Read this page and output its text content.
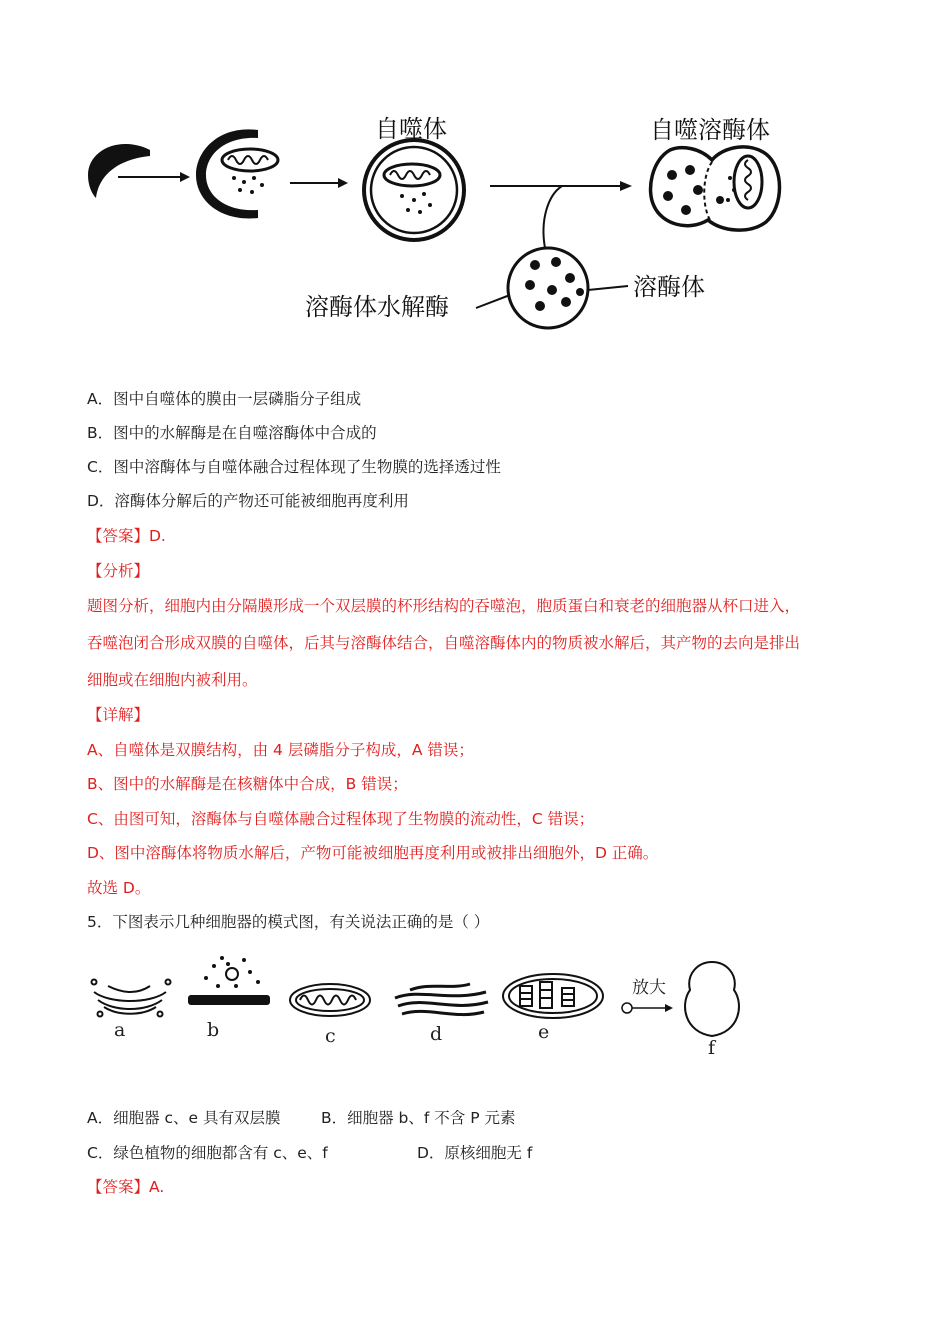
自噬体	自噬溶酶体
溶酶体
溶酶体水解酶
A．图中自噬体的膜由一层磷脂分子组成
B．图中的水解酶是在自噬溶酶体中合成的
C．图中溶酶体与自噬体融合过程体现了生物膜的选择透过性
D．溶酶体分解后的产物还可能被细胞再度利用
【答案】D.
【分析】
题图分析，细胞内由分隔膜形成一个双层膜的杯形结构的吞噬泡，胞质蛋白和衰老的细胞器从杯口进入，
吞噬泡闭合形成双膜的自噬体，后其与溶酶体结合，自噬溶酶体内的物质被水解后，其产物的去向是排出
细胞或在细胞内被利用。
【详解】
A、自噬体是双膜结构，由 4 层磷脂分子构成，A 错误；
B、图中的水解酶是在核糖体中合成，B 错误；
C、由图可知，溶酶体与自噬体融合过程体现了生物膜的流动性，C 错误；
D、图中溶酶体将物质水解后，产物可能被细胞再度利用或被排出细胞外，D 正确。
故选 D。
5．下图表示几种细胞器的模式图，有关说法正确的是（ ）
a	b	c	d	e
f
放大
A．细胞器 c、e 具有双层膜	B．细胞器 b、f 不含 P 元素
C．绿色植物的细胞都含有 c、e、f	D．原核细胞无 f
【答案】A.
